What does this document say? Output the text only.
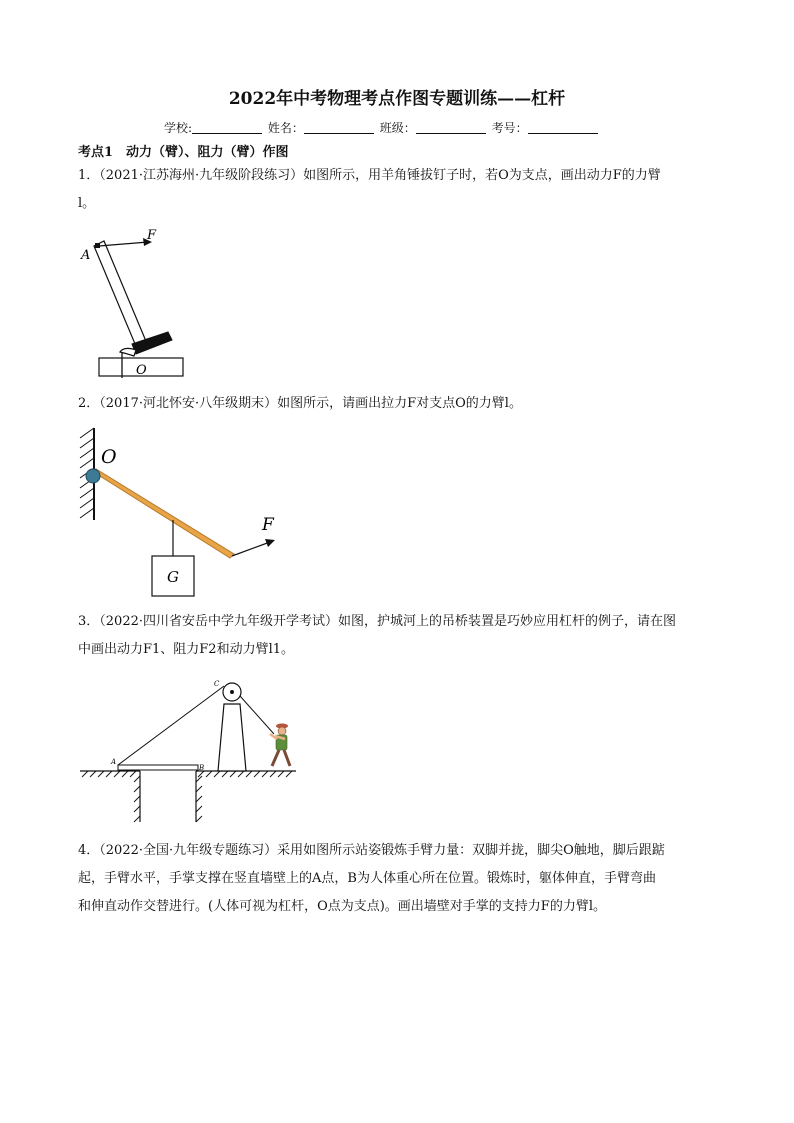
2022年中考物理考点作图专题训练——杠杆
学校:	姓名：	班级：	考号：
考点1　动力（臂）、阻力（臂）作图
1．（2021·江苏海州·九年级阶段练习）如图所示，用羊角锤拔钉子时，若O为支点，画出动力F的力臂
l。
A
F
O
2．（2017·河北怀安·八年级期末）如图所示，请画出拉力F对支点O的力臂l。
O
F
G
3．（2022·四川省安岳中学九年级开学考试）如图，护城河上的吊桥装置是巧妙应用杠杆的例子，请在图
中画出动力F1、阻力F2和动力臂l1。
A
B
C
4．（2022·全国·九年级专题练习）采用如图所示站姿锻炼手臂力量：双脚并拢，脚尖O触地，脚后跟踮
起，手臂水平，手掌支撑在竖直墙壁上的A点，B为人体重心所在位置。锻炼时，躯体伸直，手臂弯曲
和伸直动作交替进行。(人体可视为杠杆，O点为支点)。画出墙壁对手掌的支持力F的力臂l。
